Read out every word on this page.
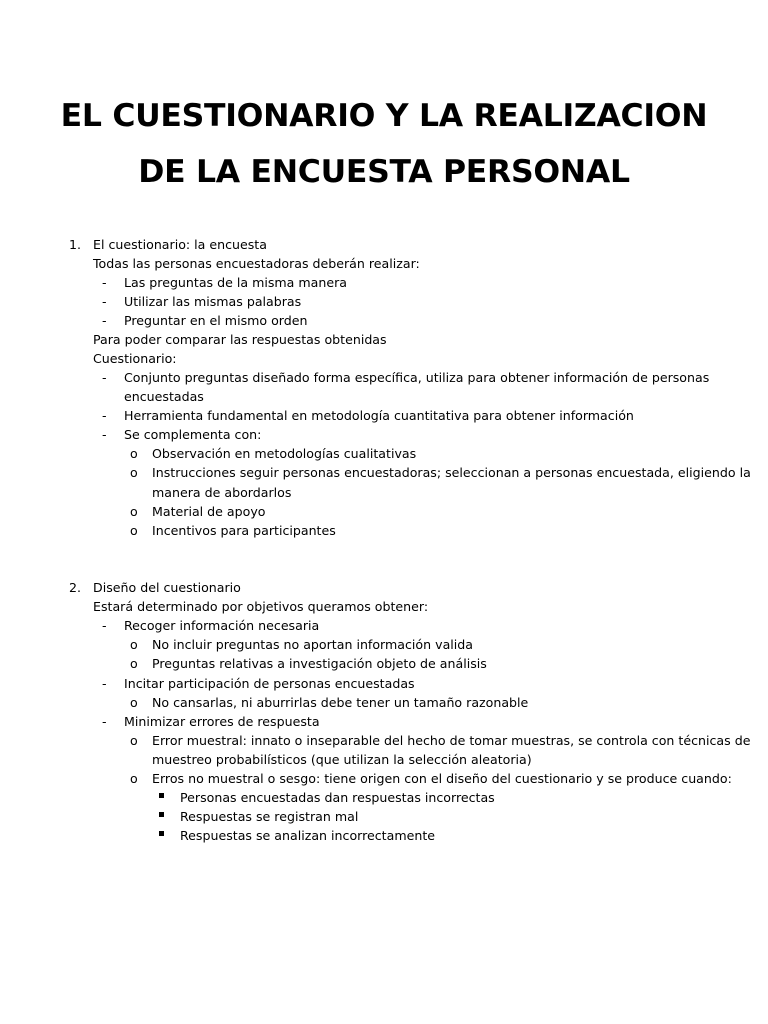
EL CUESTIONARIO Y LA REALIZACION
DE LA ENCUESTA PERSONAL
1. El cuestionario: la encuesta
Todas las personas encuestadoras deberán realizar:
- Las preguntas de la misma manera
- Utilizar las mismas palabras
- Preguntar en el mismo orden
Para poder comparar las respuestas obtenidas
Cuestionario:
- Conjunto preguntas diseñado forma específica, utiliza para obtener información de personas
encuestadas
- Herramienta fundamental en metodología cuantitativa para obtener información
- Se complementa con:
o Observación en metodologías cualitativas
o Instrucciones seguir personas encuestadoras; seleccionan a personas encuestada, eligiendo la
manera de abordarlos
o Material de apoyo
o Incentivos para participantes
2. Diseño del cuestionario
Estará determinado por objetivos queramos obtener:
- Recoger información necesaria
o No incluir preguntas no aportan información valida
o Preguntas relativas a investigación objeto de análisis
- Incitar participación de personas encuestadas
o No cansarlas, ni aburrirlas debe tener un tamaño razonable
- Minimizar errores de respuesta
o Error muestral: innato o inseparable del hecho de tomar muestras, se controla con técnicas de
muestreo probabilísticos (que utilizan la selección aleatoria)
o Erros no muestral o sesgo: tiene origen con el diseño del cuestionario y se produce cuando:
Personas encuestadas dan respuestas incorrectas
Respuestas se registran mal
Respuestas se analizan incorrectamente
